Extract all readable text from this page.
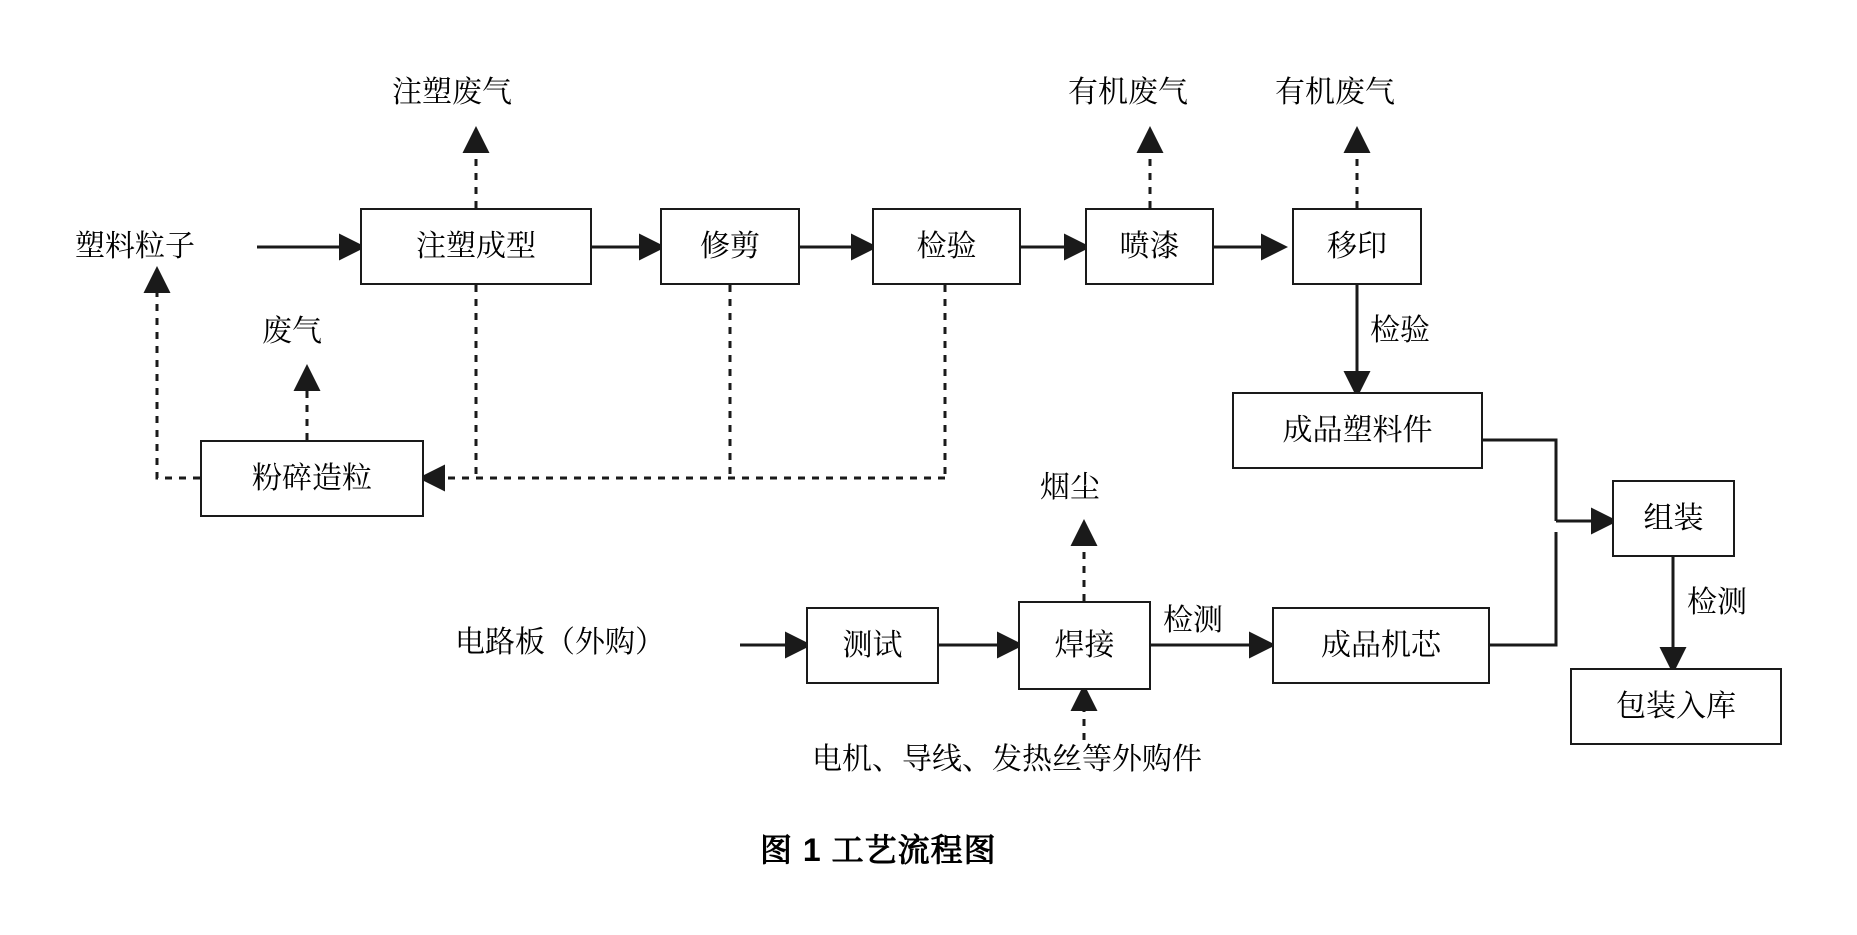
注塑成型	修剪	检验	喷漆	移印
粉碎造粒
成品塑料件
组装
包装入库
测试	焊接	成品机芯
塑料粒子
注塑废气	有机废气	有机废气
废气	检验
检测
检测
烟尘
电路板（外购）
电机、导线、发热丝等外购件
图 1 工艺流程图
